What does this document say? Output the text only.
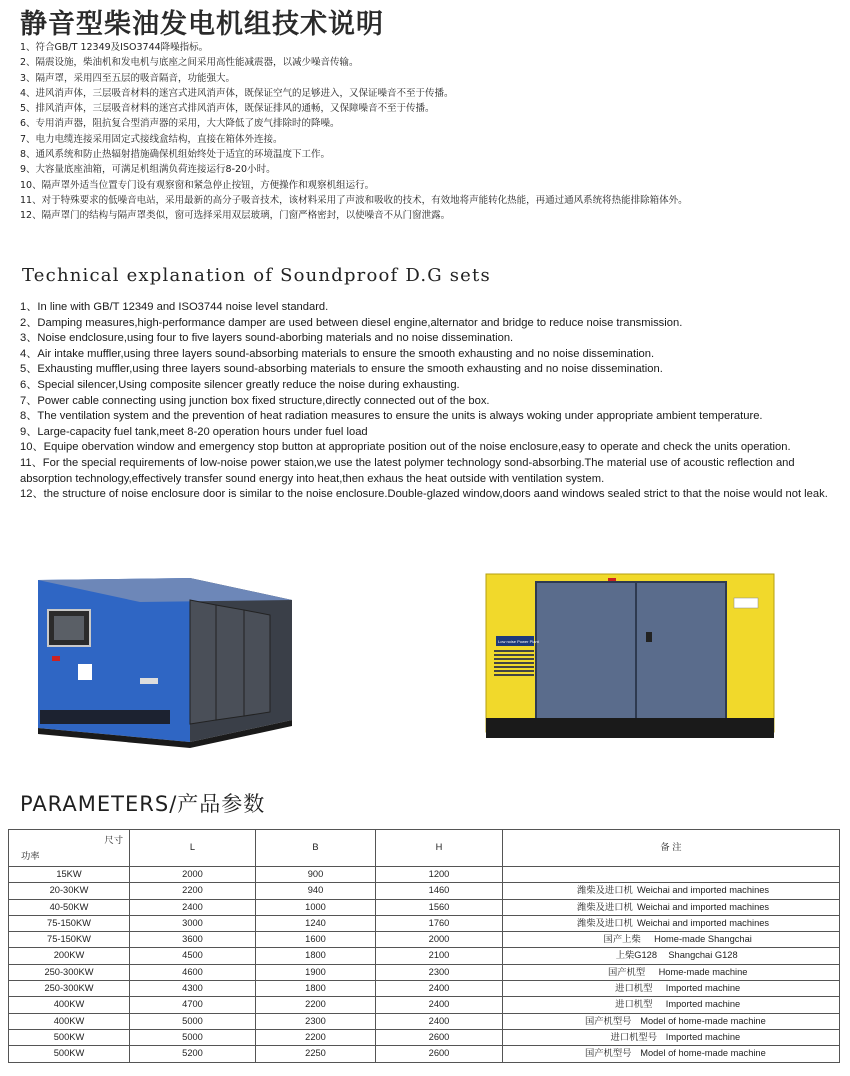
静音型柴油发电机组技术说明
1、符合GB/T 12349及ISO3744降噪指标。
2、隔震设施，柴油机和发电机与底座之间采用高性能减震器，以减少噪音传输。
3、隔声罩，采用四至五层的吸音隔音，功能强大。
4、进风消声体，三层吸音材料的迷宫式进风消声体，既保证空气的足够进入，又保证噪音不至于传播。
5、排风消声体，三层吸音材料的迷宫式排风消声体，既保证排风的通畅，又保障噪音不至于传播。
6、专用消声器，阻抗复合型消声器的采用，大大降低了废气排除时的降噪。
7、电力电缆连接采用固定式接线盒结构，直接在箱体外连接。
8、通风系统和防止热辐射措施确保机组始终处于适宜的环境温度下工作。
9、大容量底座油箱，可满足机组满负荷连接运行8-20小时。
10、隔声罩外适当位置专门设有观察窗和紧急停止按钮，方便操作和观察机组运行。
11、对于特殊要求的低噪音电站，采用最新的高分子吸音技术，该材料采用了声波和吸收的技术，有效地将声能转化热能，再通过通风系统将热能排除箱体外。
12、隔声罩门的结构与隔声罩类似，窗可选择采用双层玻璃，门窗严格密封，以使噪音不从门窗泄露。
Technical explanation of Soundproof D.G sets
1、In line with GB/T 12349 and ISO3744 noise level standard.
2、Damping measures,high-performance damper are used between diesel engine,alternator and bridge to reduce noise transmission.
3、Noise endclosure,using four to five layers sound-aborbing materials and no noise dissemination.
4、Air intake muffler,using three layers sound-absorbing materials to ensure the smooth exhausting and no noise dissemination.
5、Exhausting muffler,using three layers sound-absorbing materials to ensure the smooth exhausting and no noise dissemination.
6、Special silencer,Using composite silencer greatly reduce the noise during exhausting.
7、Power cable connecting using junction box fixed structure,directly connected out of the box.
8、The ventilation system and the prevention of heat radiation measures to ensure the units is always woking under appropriate ambient temperature.
9、Large-capacity fuel tank,meet 8-20 operation hours under fuel load
10、Equipe obervation window and emergency stop button at appropriate position out of the noise enclosure,easy to operate and check the units operation.
11、For the special requirements of low-noise power staion,we use the latest polymer technology sond-absorbing.The material use of acoustic reflection and absorption technology,effectively transfer sound energy into heat,then exhaus the heat outside with ventilation system.
12、the structure of noise enclosure door is similar to the noise enclosure.Double-glazed window,doors aand windows sealed strict to that the noise would not leak.
Low noise Power Plant
PARAMETERS/产品参数
尺寸
功率	L	B	H	备 注
15KW	2000	900	1200	
20-30KW	2200	940	1460	潍柴及进口机 Weichai and imported machines
40-50KW	2400	1000	1560	潍柴及进口机 Weichai and imported machines
75-150KW	3000	1240	1760	潍柴及进口机 Weichai and imported machines
75-150KW	3600	1600	2000	国产上柴 Home-made Shangchai
200KW	4500	1800	2100	上柴G128 Shangchai G128
250-300KW	4600	1900	2300	国产机型 Home-made machine
250-300KW	4300	1800	2400	进口机型 Imported machine
400KW	4700	2200	2400	进口机型 Imported machine
400KW	5000	2300	2400	国产机型号 Model of home-made machine
500KW	5000	2200	2600	进口机型号 Imported machine
500KW	5200	2250	2600	国产机型号 Model of home-made machine
